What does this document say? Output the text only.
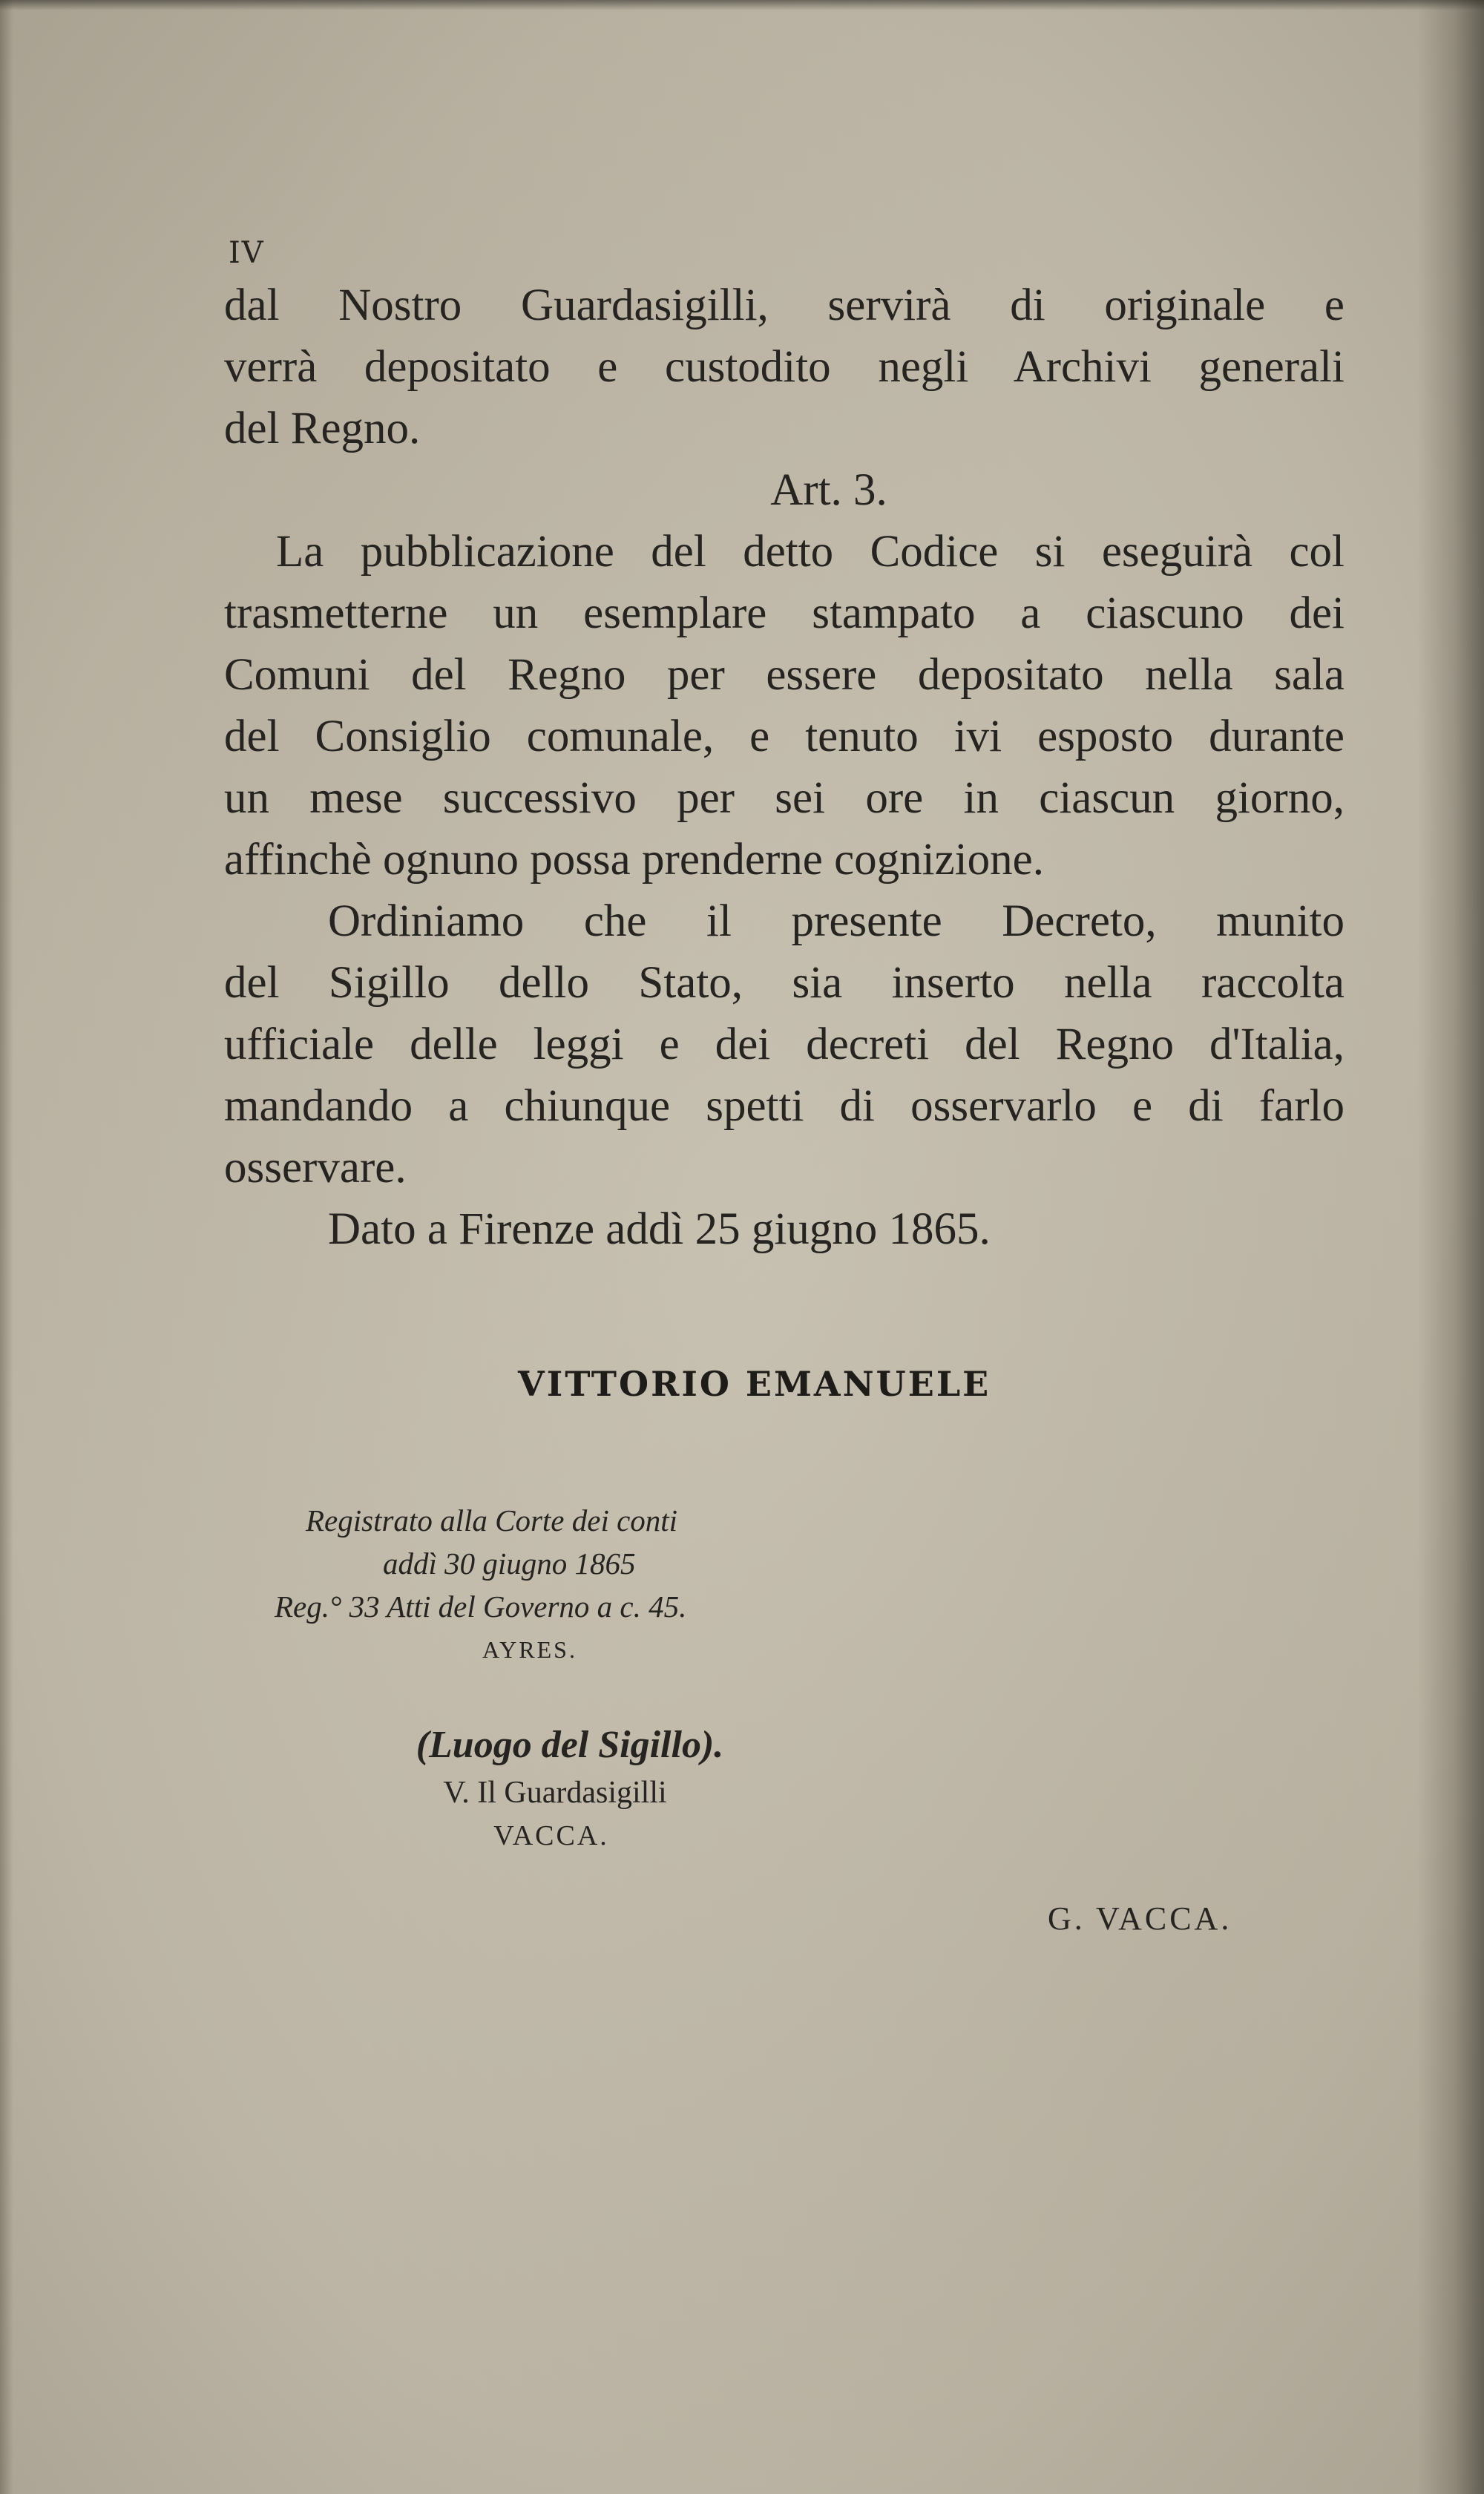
IV
dal Nostro Guardasigilli, servirà di originale e
verrà depositato e custodito negli Archivi generali
del Regno.
Art. 3.
La pubblicazione del detto Codice si eseguirà col
trasmetterne un esemplare stampato a ciascuno dei
Comuni del Regno per essere depositato nella sala
del Consiglio comunale, e tenuto ivi esposto durante
un mese successivo per sei ore in ciascun giorno,
affinchè ognuno possa prenderne cognizione.
Ordiniamo che il presente Decreto, munito
del Sigillo dello Stato, sia inserto nella raccolta
ufficiale delle leggi e dei decreti del Regno d'Italia,
mandando a chiunque spetti di osservarlo e di farlo
osservare.
Dato a Firenze addì 25 giugno 1865.
VITTORIO EMANUELE
Registrato alla Corte dei conti
addì 30 giugno 1865
Reg.° 33 Atti del Governo a c. 45.
AYRES.
(Luogo del Sigillo).
V. Il Guardasigilli
VACCA.
G. VACCA.
